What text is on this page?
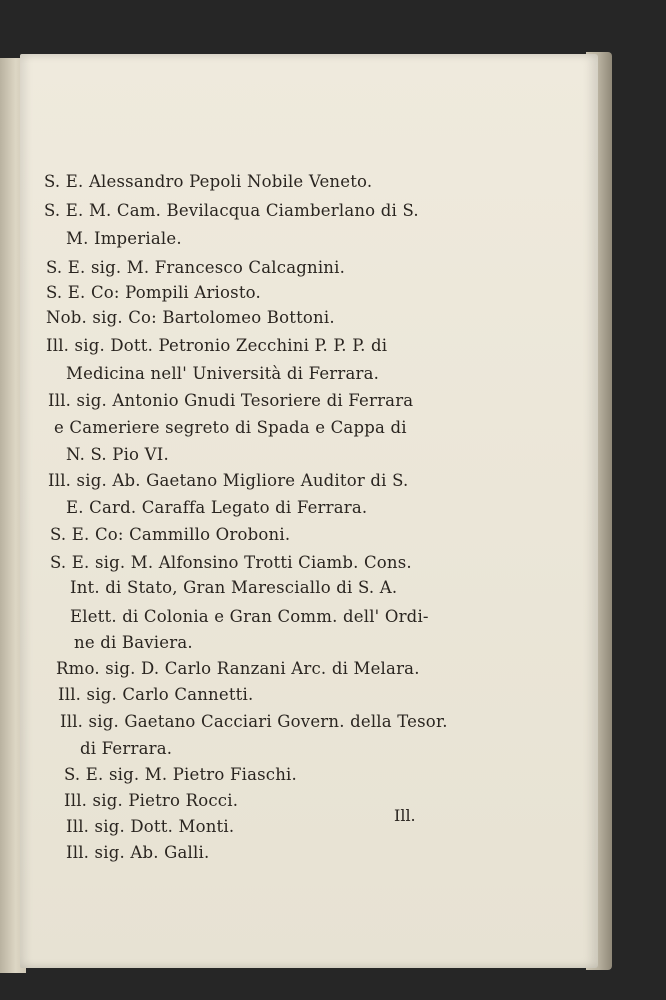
S. E. Alessandro Pepoli Nobile Veneto.
S. E. M. Cam. Bevilacqua Ciamberlano di S.
M. Imperiale.
S. E. sig. M. Francesco Calcagnini.
S. E. Co: Pompili Ariosto.
Nob. sig. Co: Bartolomeo Bottoni.
Ill. sig. Dott. Petronio Zecchini P. P. P. di
Medicina nell' Università di Ferrara.
Ill. sig. Antonio Gnudi Tesoriere di Ferrara
e Cameriere segreto di Spada e Cappa di
N. S. Pio VI.
Ill. sig. Ab. Gaetano Migliore Auditor di S.
E. Card. Caraffa Legato di Ferrara.
S. E. Co: Cammillo Oroboni.
S. E. sig. M. Alfonsino Trotti Ciamb. Cons.
Int. di Stato, Gran Maresciallo di S. A.
Elett. di Colonia e Gran Comm. dell' Ordi-
ne di Baviera.
Rmo. sig. D. Carlo Ranzani Arc. di Melara.
Ill. sig. Carlo Cannetti.
Ill. sig. Gaetano Cacciari Govern. della Tesor.
di Ferrara.
S. E. sig. M. Pietro Fiaschi.
Ill. sig. Pietro Rocci.
Ill. sig. Dott. Monti.
Ill. sig. Ab. Galli.
Ill.
